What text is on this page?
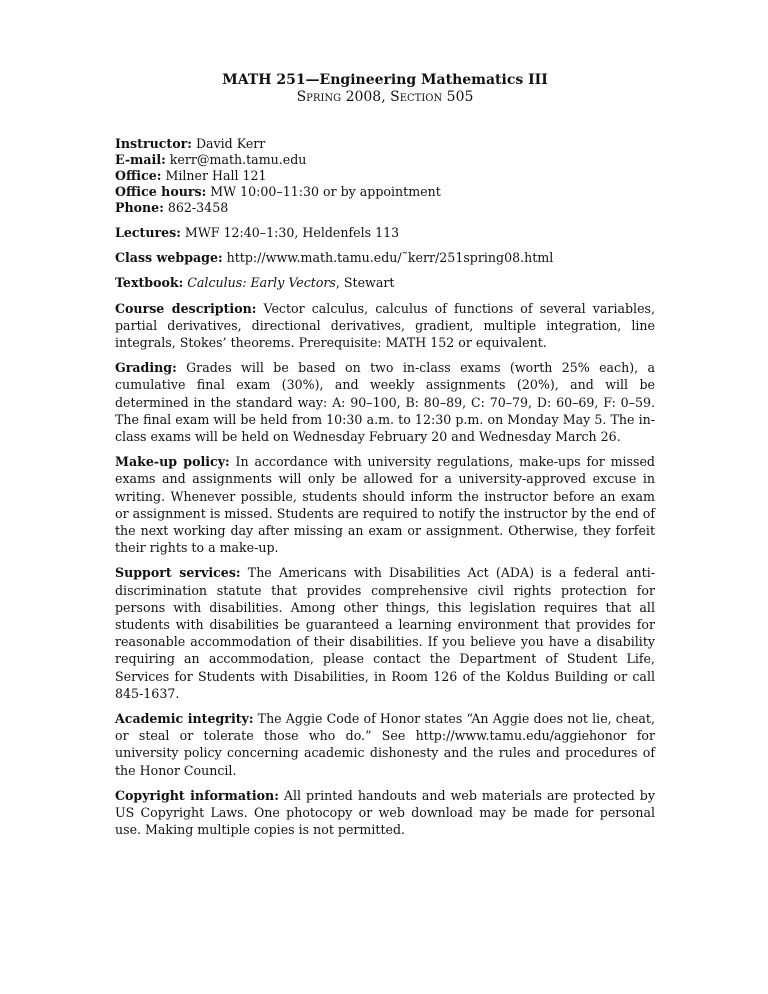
MATH 251—Engineering Mathematics III
Spring 2008, Section 505

Instructor: David Kerr

E-mail: kerr@math.tamu.edu

Office: Milner Hall 121

Office hours: MW 10:00–11:30 or by appointment

Phone: 862-3458

Lectures: MWF 12:40–1:30, Heldenfels 113

Class webpage: http://www.math.tamu.edu/˜kerr/251spring08.html

Textbook: Calculus: Early Vectors, Stewart

Course description: Vector calculus, calculus of functions of several variables, partial derivatives, directional derivatives, gradient, multiple integration, line integrals, Stokes’ theorems. Prerequisite: MATH 152 or equivalent.

Grading: Grades will be based on two in-class exams (worth 25% each), a cumulative final exam (30%), and weekly assignments (20%), and will be determined in the standard way: A: 90–100, B: 80–89, C: 70–79, D: 60–69, F: 0–59. The final exam will be held from 10:30 a.m. to 12:30 p.m. on Monday May 5. The in-class exams will be held on Wednesday February 20 and Wednesday March 26.

Make-up policy: In accordance with university regulations, make-ups for missed exams and assignments will only be allowed for a university-approved excuse in writing. Whenever possible, students should inform the instructor before an exam or assignment is missed. Students are required to notify the instructor by the end of the next working day after missing an exam or assignment. Otherwise, they forfeit their rights to a make-up.

Support services: The Americans with Disabilities Act (ADA) is a federal anti-discrimination statute that provides comprehensive civil rights protection for persons with disabilities. Among other things, this legislation requires that all students with disabilities be guaranteed a learning environment that provides for reasonable accommodation of their disabilities. If you believe you have a disability requiring an accommodation, please contact the Department of Student Life, Services for Students with Disabilities, in Room 126 of the Koldus Building or call 845-1637.

Academic integrity: The Aggie Code of Honor states “An Aggie does not lie, cheat, or steal or tolerate those who do.” See http://www.tamu.edu/aggiehonor for university policy concerning academic dishonesty and the rules and procedures of the Honor Council.

Copyright information: All printed handouts and web materials are protected by US Copyright Laws. One photocopy or web download may be made for personal use. Making multiple copies is not permitted.
